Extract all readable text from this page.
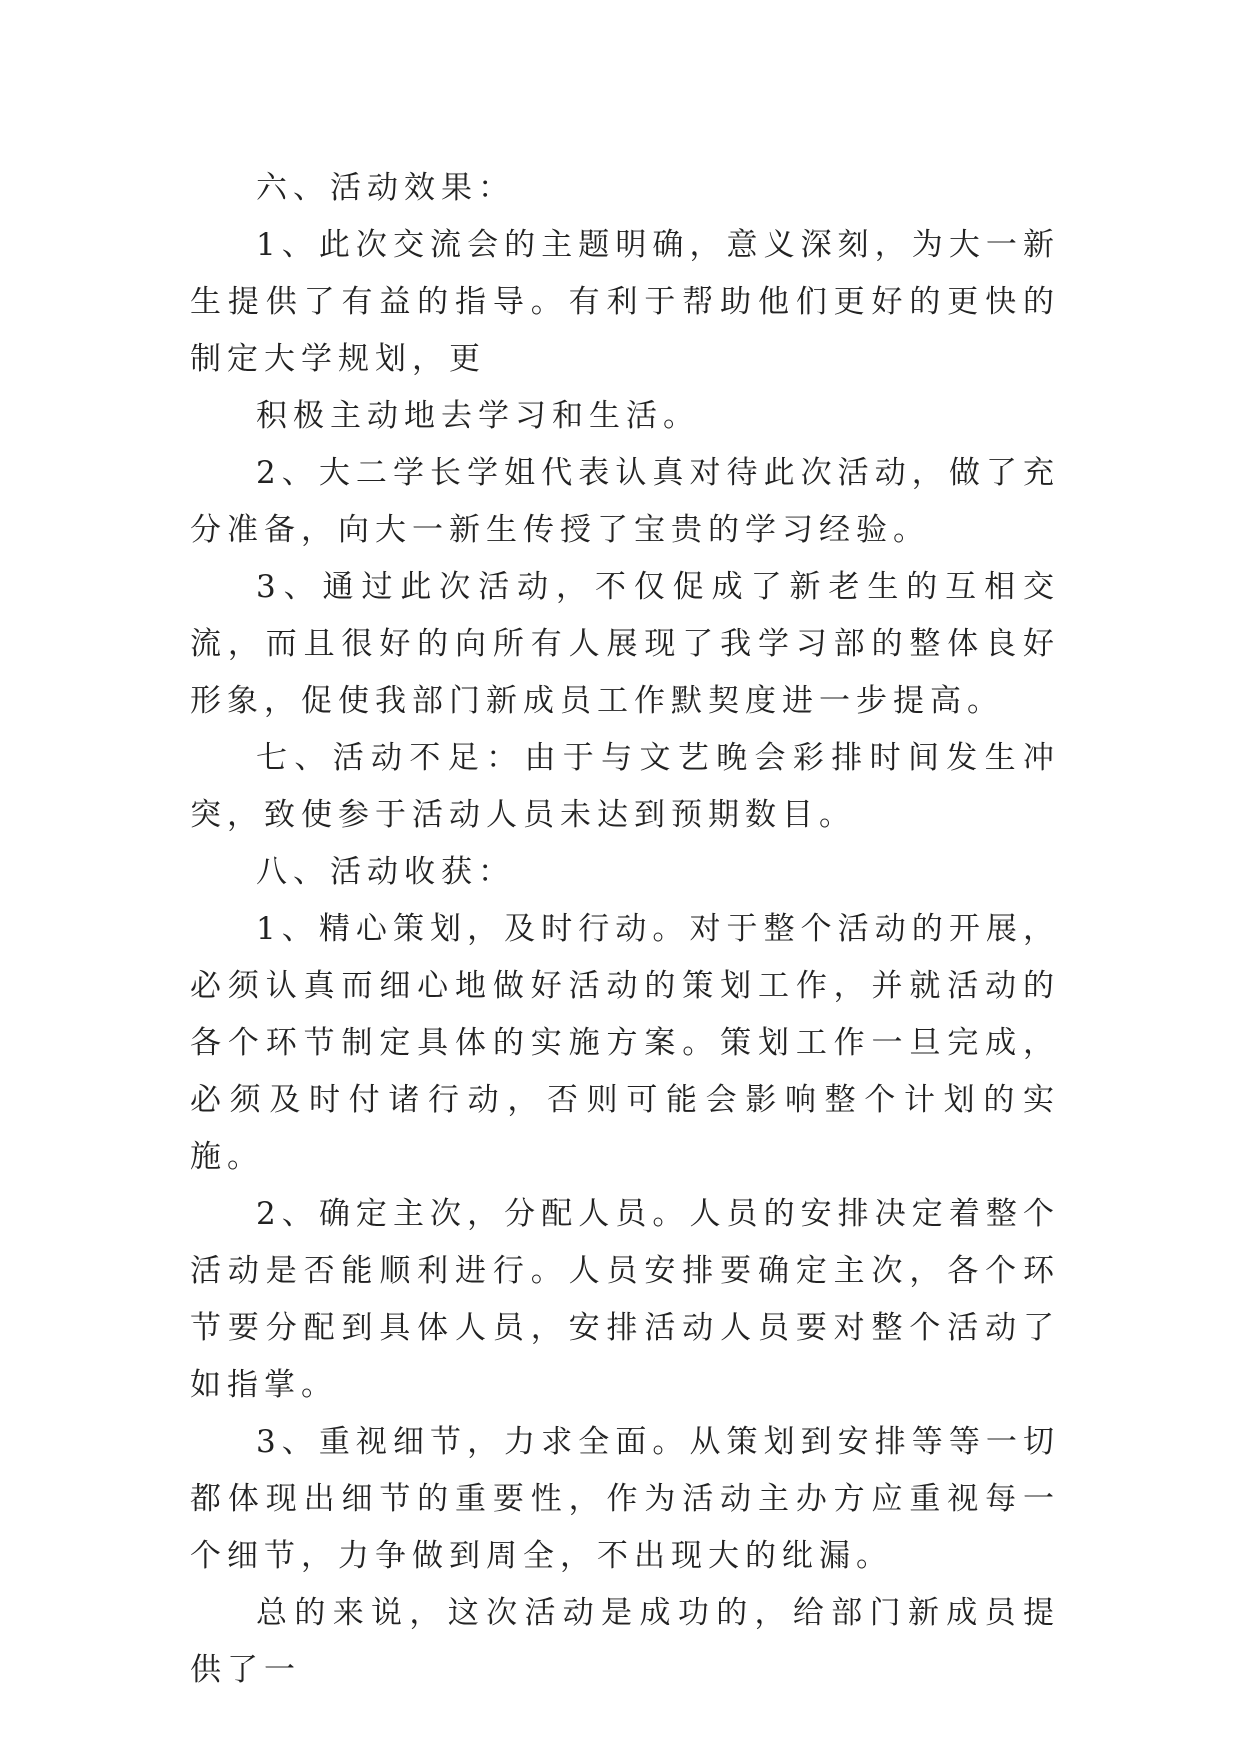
六、活动效果：

1、此次交流会的主题明确，意义深刻，为大一新生提供了有益的指导。有利于帮助他们更好的更快的制定大学规划，更

积极主动地去学习和生活。

2、大二学长学姐代表认真对待此次活动，做了充分准备，向大一新生传授了宝贵的学习经验。

3、通过此次活动，不仅促成了新老生的互相交流，而且很好的向所有人展现了我学习部的整体良好形象，促使我部门新成员工作默契度进一步提高。

七、活动不足：由于与文艺晚会彩排时间发生冲突，致使参于活动人员未达到预期数目。

八、活动收获：

1、精心策划，及时行动。对于整个活动的开展，必须认真而细心地做好活动的策划工作，并就活动的各个环节制定具体的实施方案。策划工作一旦完成，必须及时付诸行动，否则可能会影响整个计划的实施。

2、确定主次，分配人员。人员的安排决定着整个活动是否能顺利进行。人员安排要确定主次，各个环节要分配到具体人员，安排活动人员要对整个活动了如指掌。

3、重视细节，力求全面。从策划到安排等等一切都体现出细节的重要性，作为活动主办方应重视每一个细节，力争做到周全，不出现大的纰漏。

总的来说，这次活动是成功的，给部门新成员提供了一
